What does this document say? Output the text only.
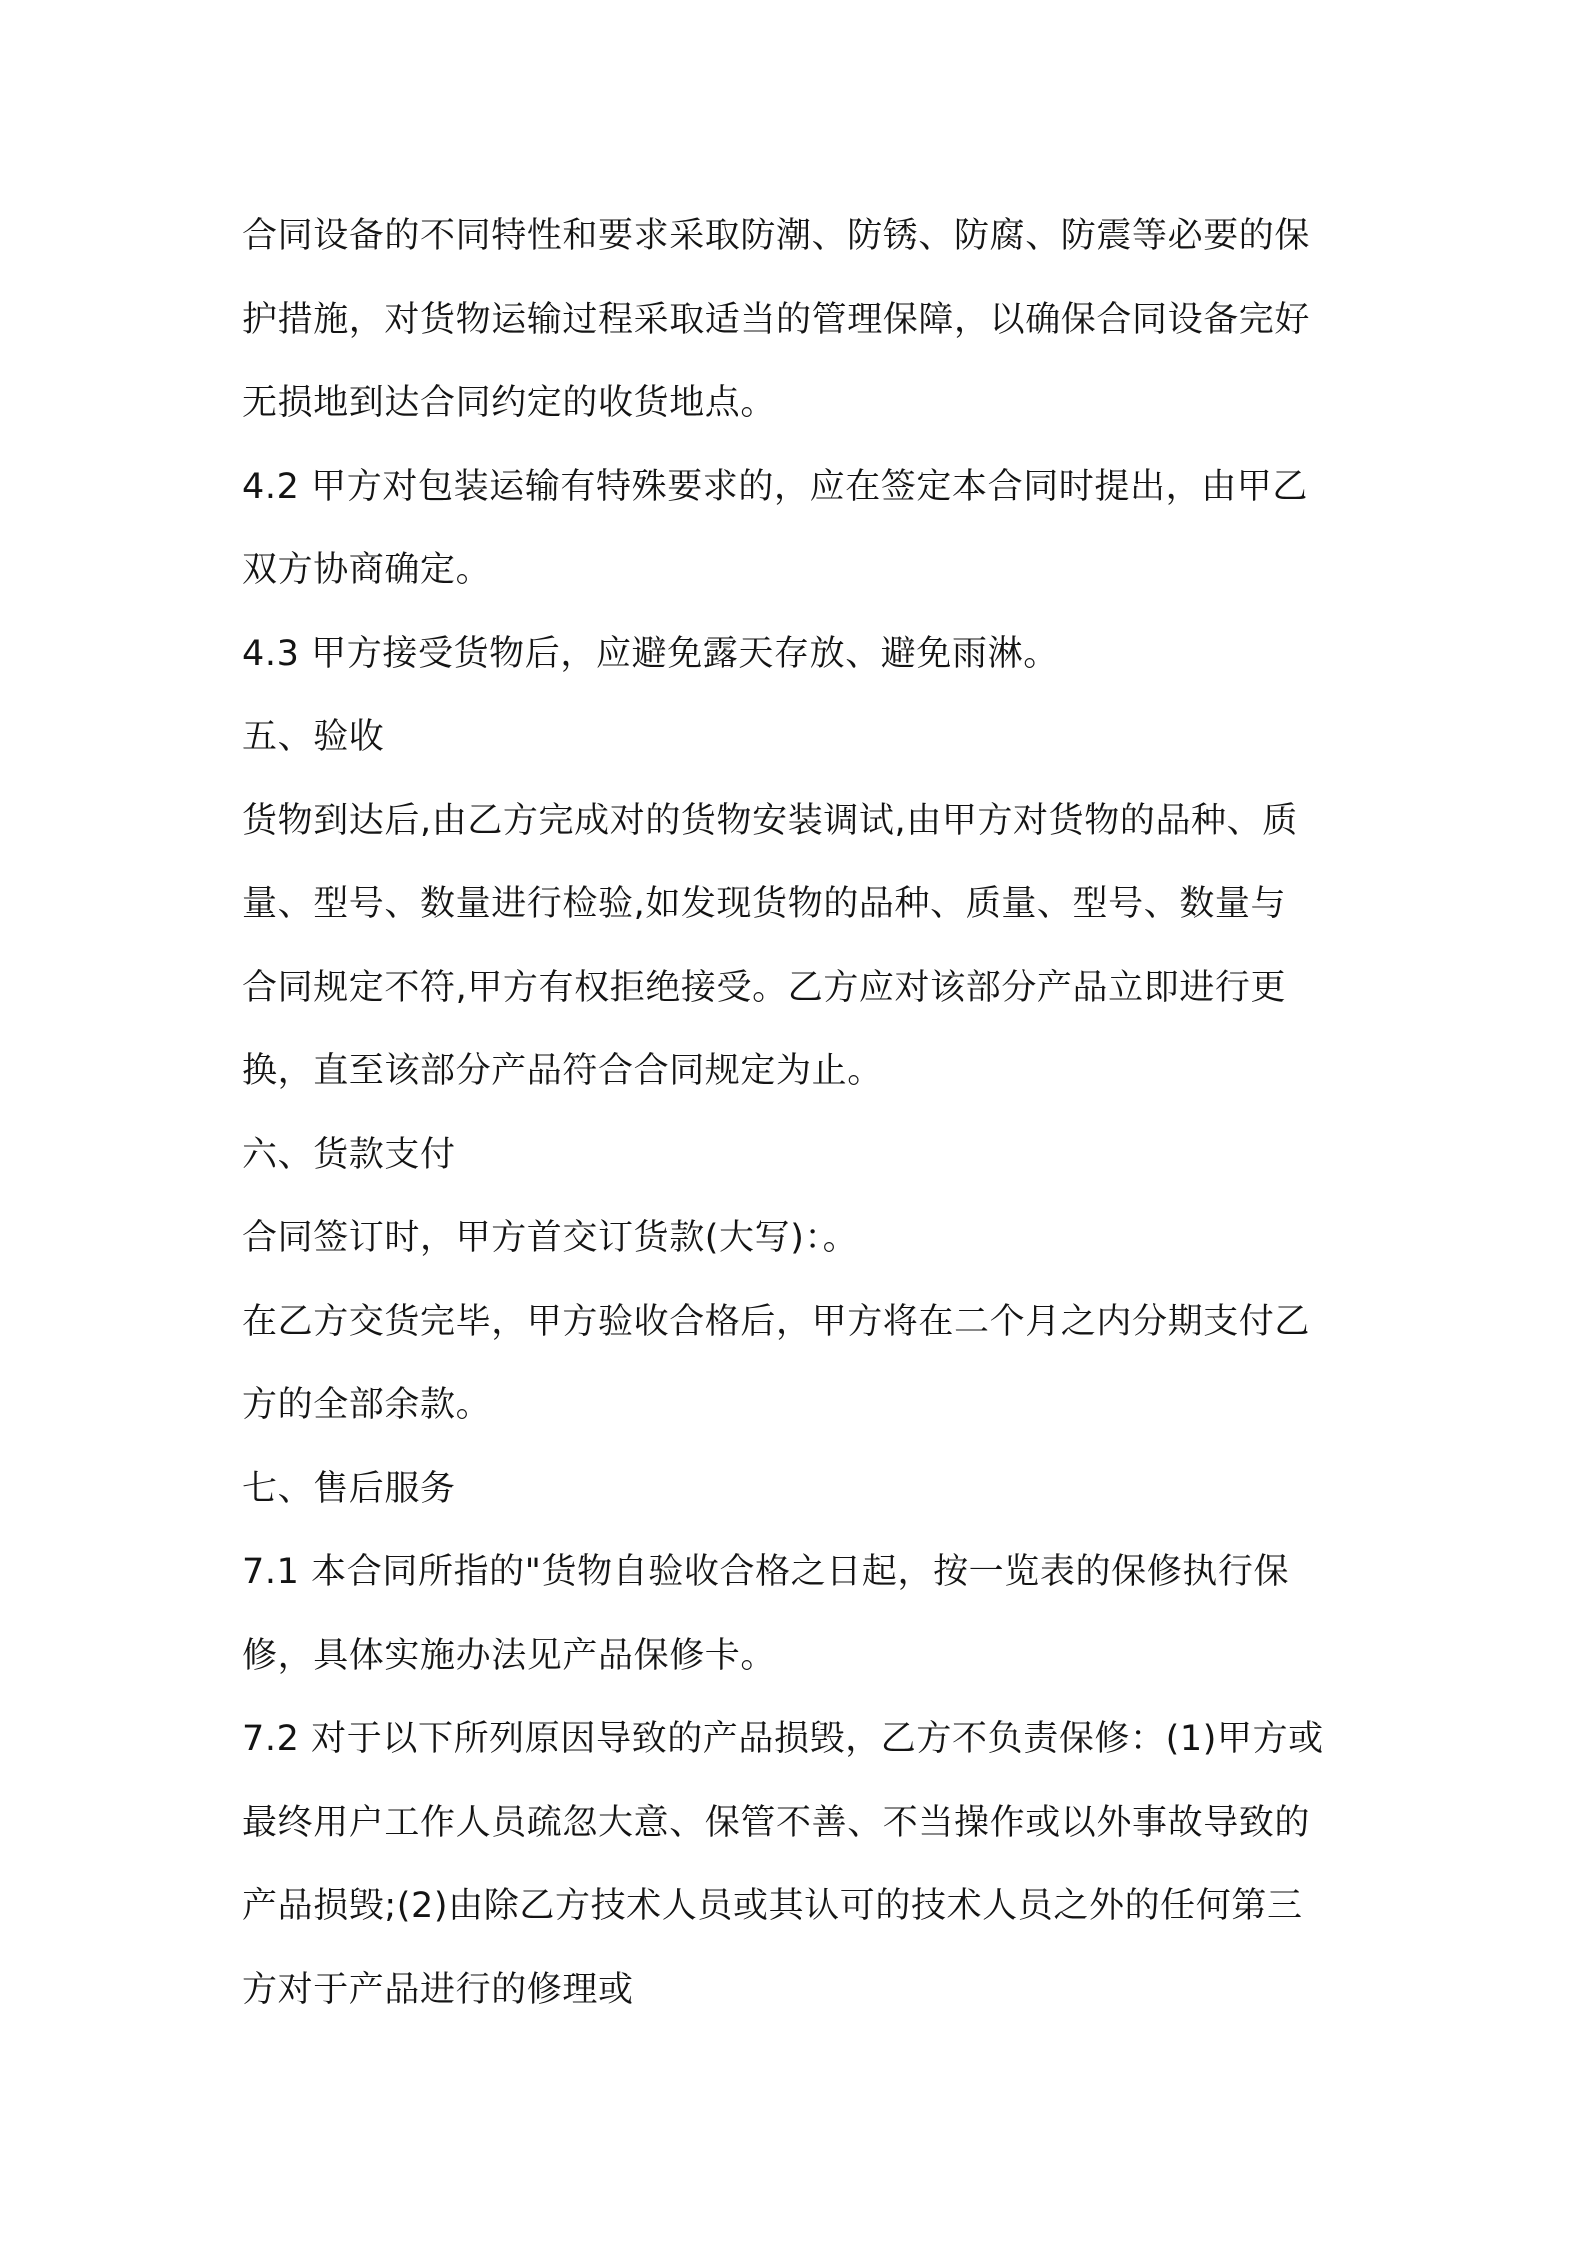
合同设备的不同特性和要求采取防潮、防锈、防腐、防震等必要的保

护措施，对货物运输过程采取适当的管理保障，以确保合同设备完好

无损地到达合同约定的收货地点。

4.2 甲方对包装运输有特殊要求的，应在签定本合同时提出，由甲乙

双方协商确定。

4.3 甲方接受货物后，应避免露天存放、避免雨淋。

五、验收

货物到达后,由乙方完成对的货物安装调试,由甲方对货物的品种、质

量、型号、数量进行检验,如发现货物的品种、质量、型号、数量与

合同规定不符,甲方有权拒绝接受。乙方应对该部分产品立即进行更

换，直至该部分产品符合合同规定为止。

六、货款支付

合同签订时，甲方首交订货款(大写)：。

在乙方交货完毕，甲方验收合格后，甲方将在二个月之内分期支付乙

方的全部余款。

七、售后服务

7.1 本合同所指的"货物自验收合格之日起，按一览表的保修执行保

修，具体实施办法见产品保修卡。

7.2 对于以下所列原因导致的产品损毁，乙方不负责保修：(1)甲方或

最终用户工作人员疏忽大意、保管不善、不当操作或以外事故导致的

产品损毁;(2)由除乙方技术人员或其认可的技术人员之外的任何第三

方对于产品进行的修理或
